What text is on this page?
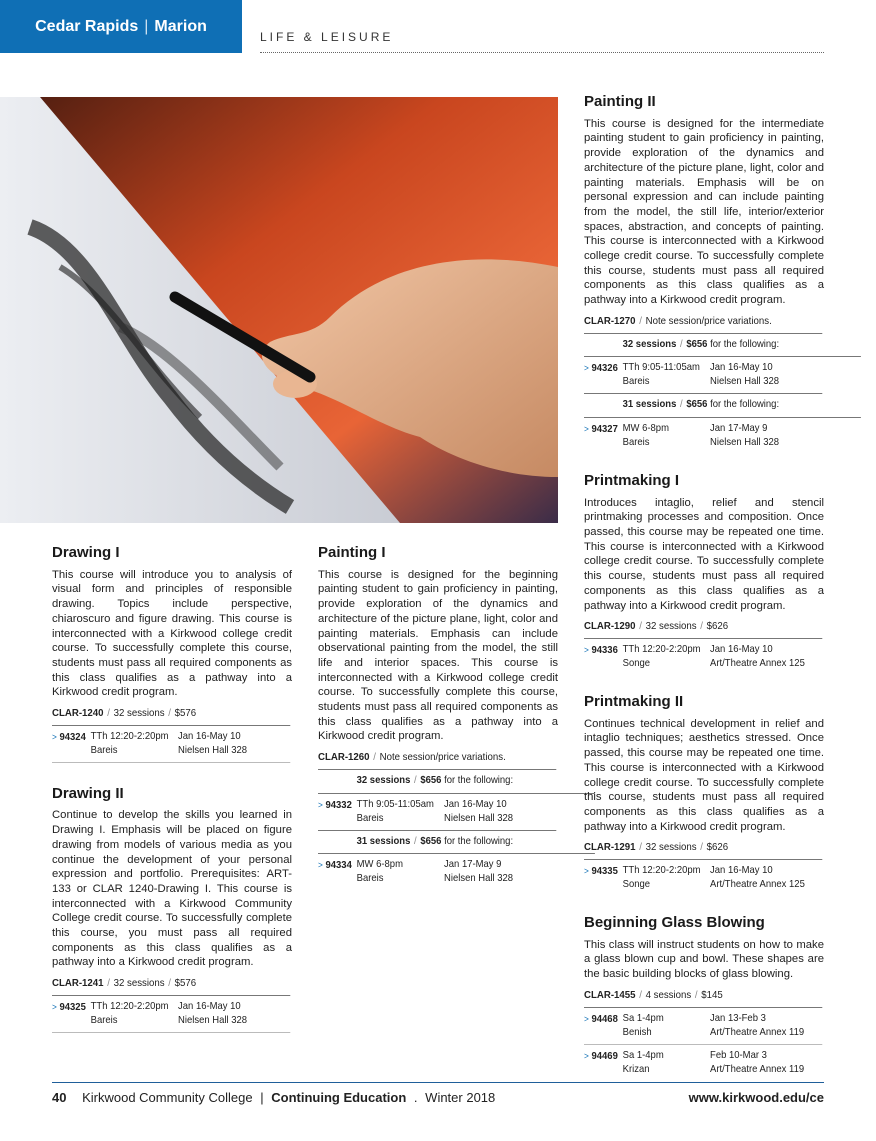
Cedar Rapids | Marion
LIFE & LEISURE
Drawing I

This course will introduce you to analysis of visual form and principles of responsible drawing. Topics include perspective, chiaroscuro and figure drawing. This course is interconnected with a Kirkwood college credit course. To successfully complete this course, students must pass all required components as this class qualifies as a pathway into a Kirkwood credit program.

CLAR-1240 / 32 sessions / $576
> 94324 TTh 12:20-2:20pm
Bareis
Jan 16-May 10
Nielsen Hall 328
Drawing II

Continue to develop the skills you learned in Drawing I. Emphasis will be placed on figure drawing from models of various media as you continue the development of your personal expression and portfolio. Prerequisites: ART-133 or CLAR 1240-Drawing I. This course is interconnected with a Kirkwood Community College credit course. To successfully complete this course, you must pass all required components as this class qualifies as a pathway into a Kirkwood credit program.

CLAR-1241 / 32 sessions / $576
> 94325 TTh 12:20-2:20pm
Bareis
Jan 16-May 10
Nielsen Hall 328
Painting I

This course is designed for the beginning painting student to gain proficiency in painting, provide exploration of the dynamics and architecture of the picture plane, light, color and painting materials. Emphasis can include observational painting from the model, the still life and interior spaces. This course is interconnected with a Kirkwood college credit course. To successfully complete this course, students must pass all required components as this class qualifies as a pathway into a Kirkwood credit program.

CLAR-1260 / Note session/price variations.
32 sessions / $656 for the following:
> 94332 TTh 9:05-11:05am
Bareis
Jan 16-May 10
Nielsen Hall 328
31 sessions / $656 for the following:
> 94334 MW 6-8pm
Bareis
Jan 17-May 9
Nielsen Hall 328
Painting II

This course is designed for the intermediate painting student to gain proficiency in painting, provide exploration of the dynamics and architecture of the picture plane, light, color and painting materials. Emphasis will be on personal expression and can include painting from the model, the still life, interior/exterior spaces, abstraction, and concepts of painting. This course is interconnected with a Kirkwood college credit course. To successfully complete this course, students must pass all required components as this class qualifies as a pathway into a Kirkwood credit program.

CLAR-1270 / Note session/price variations.
32 sessions / $656 for the following:
> 94326 TTh 9:05-11:05am
Bareis
Jan 16-May 10
Nielsen Hall 328
31 sessions / $656 for the following:
> 94327 MW 6-8pm
Bareis
Jan 17-May 9
Nielsen Hall 328
Printmaking I

Introduces intaglio, relief and stencil printmaking processes and composition. Once passed, this course may be repeated one time. This course is interconnected with a Kirkwood college credit course. To successfully complete this course, students must pass all required components as this class qualifies as a pathway into a Kirkwood credit program.

CLAR-1290 / 32 sessions / $626
> 94336 TTh 12:20-2:20pm
Songe
Jan 16-May 10
Art/Theatre Annex 125
Printmaking II

Continues technical development in relief and intaglio techniques; aesthetics stressed. Once passed, this course may be repeated one time. This course is interconnected with a Kirkwood college credit course. To successfully complete this course, students must pass all required components as this class qualifies as a pathway into a Kirkwood credit program.

CLAR-1291 / 32 sessions / $626
> 94335 TTh 12:20-2:20pm
Songe
Jan 16-May 10
Art/Theatre Annex 125
Beginning Glass Blowing

This class will instruct students on how to make a glass blown cup and bowl. These shapes are the basic building blocks of glass blowing.

CLAR-1455 / 4 sessions / $145
> 94468 Sa 1-4pm
Benish
Jan 13-Feb 3
Art/Theatre Annex 119
> 94469 Sa 1-4pm
Krizan
Feb 10-Mar 3
Art/Theatre Annex 119
40 Kirkwood Community College | Continuing Education . Winter 2018	www.kirkwood.edu/ce
